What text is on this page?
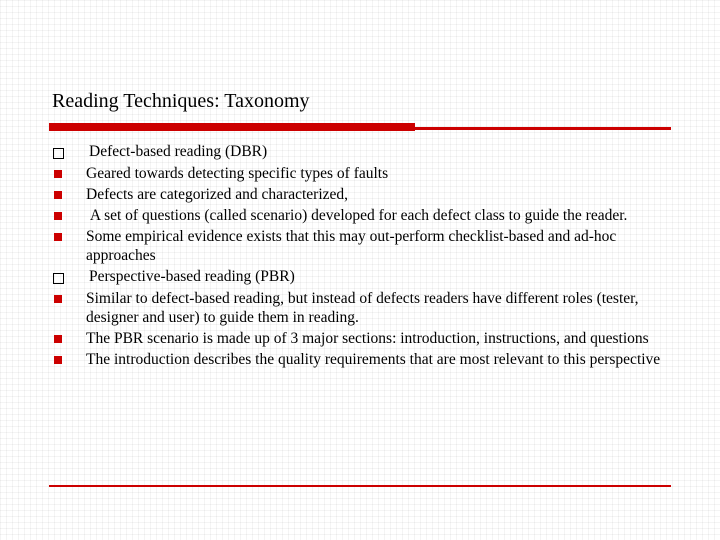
Reading Techniques: Taxonomy
Defect-based reading (DBR)
Geared towards detecting specific types of faults
Defects are categorized and characterized,
A set of questions (called scenario) developed for each defect class to guide the reader.
Some empirical evidence exists that this may out-perform checklist-based and ad-hoc approaches
Perspective-based reading (PBR)
Similar to defect-based reading, but instead of defects readers have different roles (tester, designer and user) to guide them in reading.
The PBR scenario is made up of 3 major sections: introduction, instructions, and questions
The introduction describes the quality requirements that are most relevant to this perspective
